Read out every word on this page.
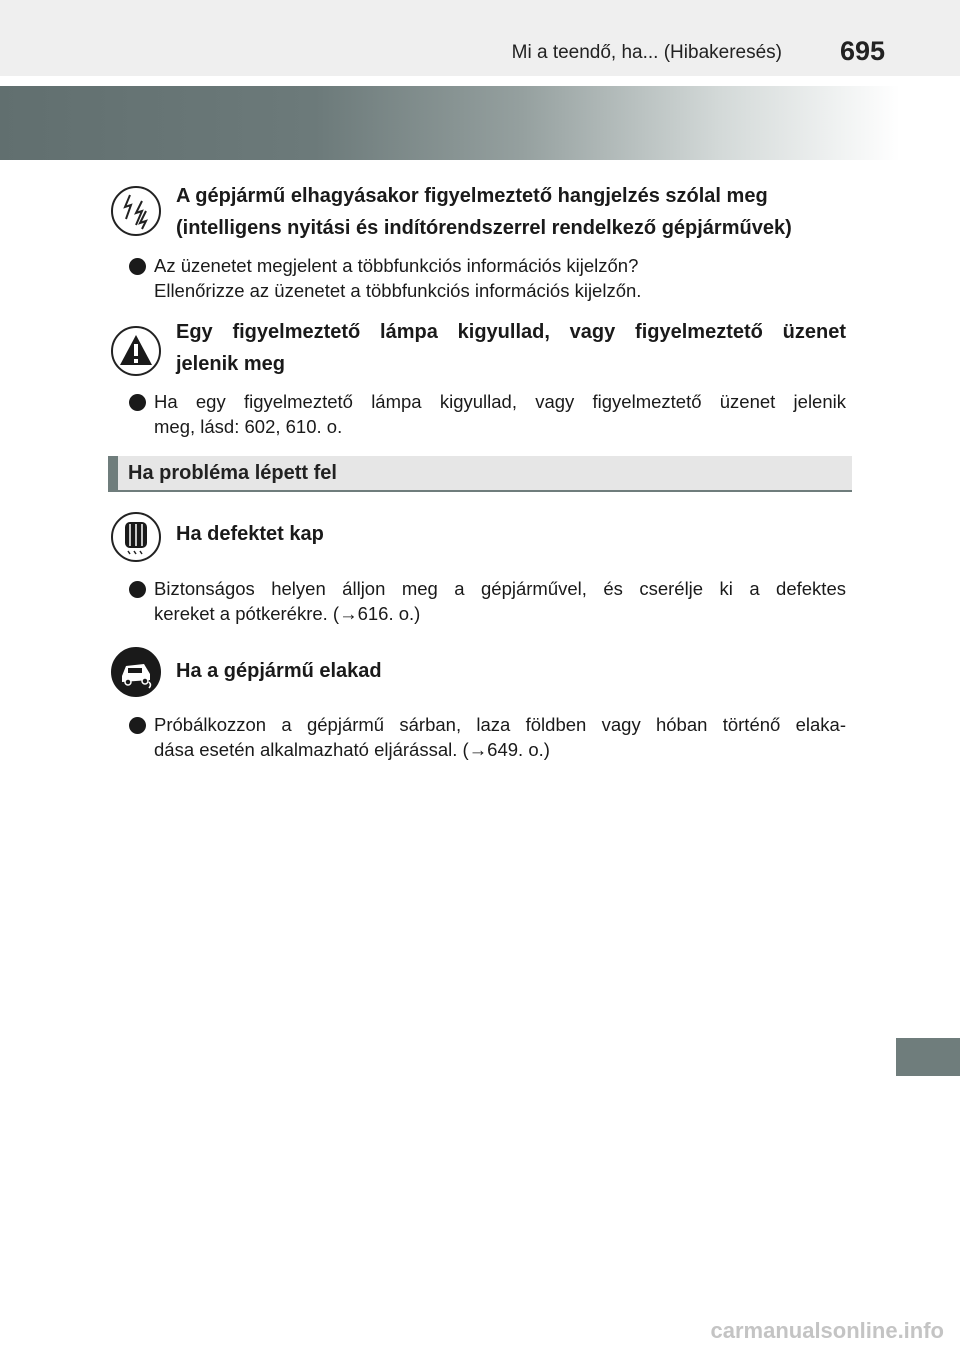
Mi a teendő, ha... (Hibakeresés) 695
A gépjármű elhagyásakor figyelmeztető hangjelzés szólal meg
(intelligens nyitási és indítórendszerrel rendelkező gépjárművek)
Az üzenetet megjelent a többfunkciós információs kijelzőn?
Ellenőrizze az üzenetet a többfunkciós információs kijelzőn.
Egy figyelmeztető lámpa kigyullad, vagy figyelmeztető üzenet
jelenik meg
Ha egy figyelmeztető lámpa kigyullad, vagy figyelmeztető üzenet jelenik
meg, lásd: 602, 610. o.
Ha probléma lépett fel
Ha defektet kap
Biztonságos helyen álljon meg a gépjárművel, és cserélje ki a defektes
kereket a pótkerékre. (→616. o.)
Ha a gépjármű elakad
Próbálkozzon a gépjármű sárban, laza földben vagy hóban történő elaka-
dása esetén alkalmazható eljárással. (→649. o.)
carmanualsonline.info
